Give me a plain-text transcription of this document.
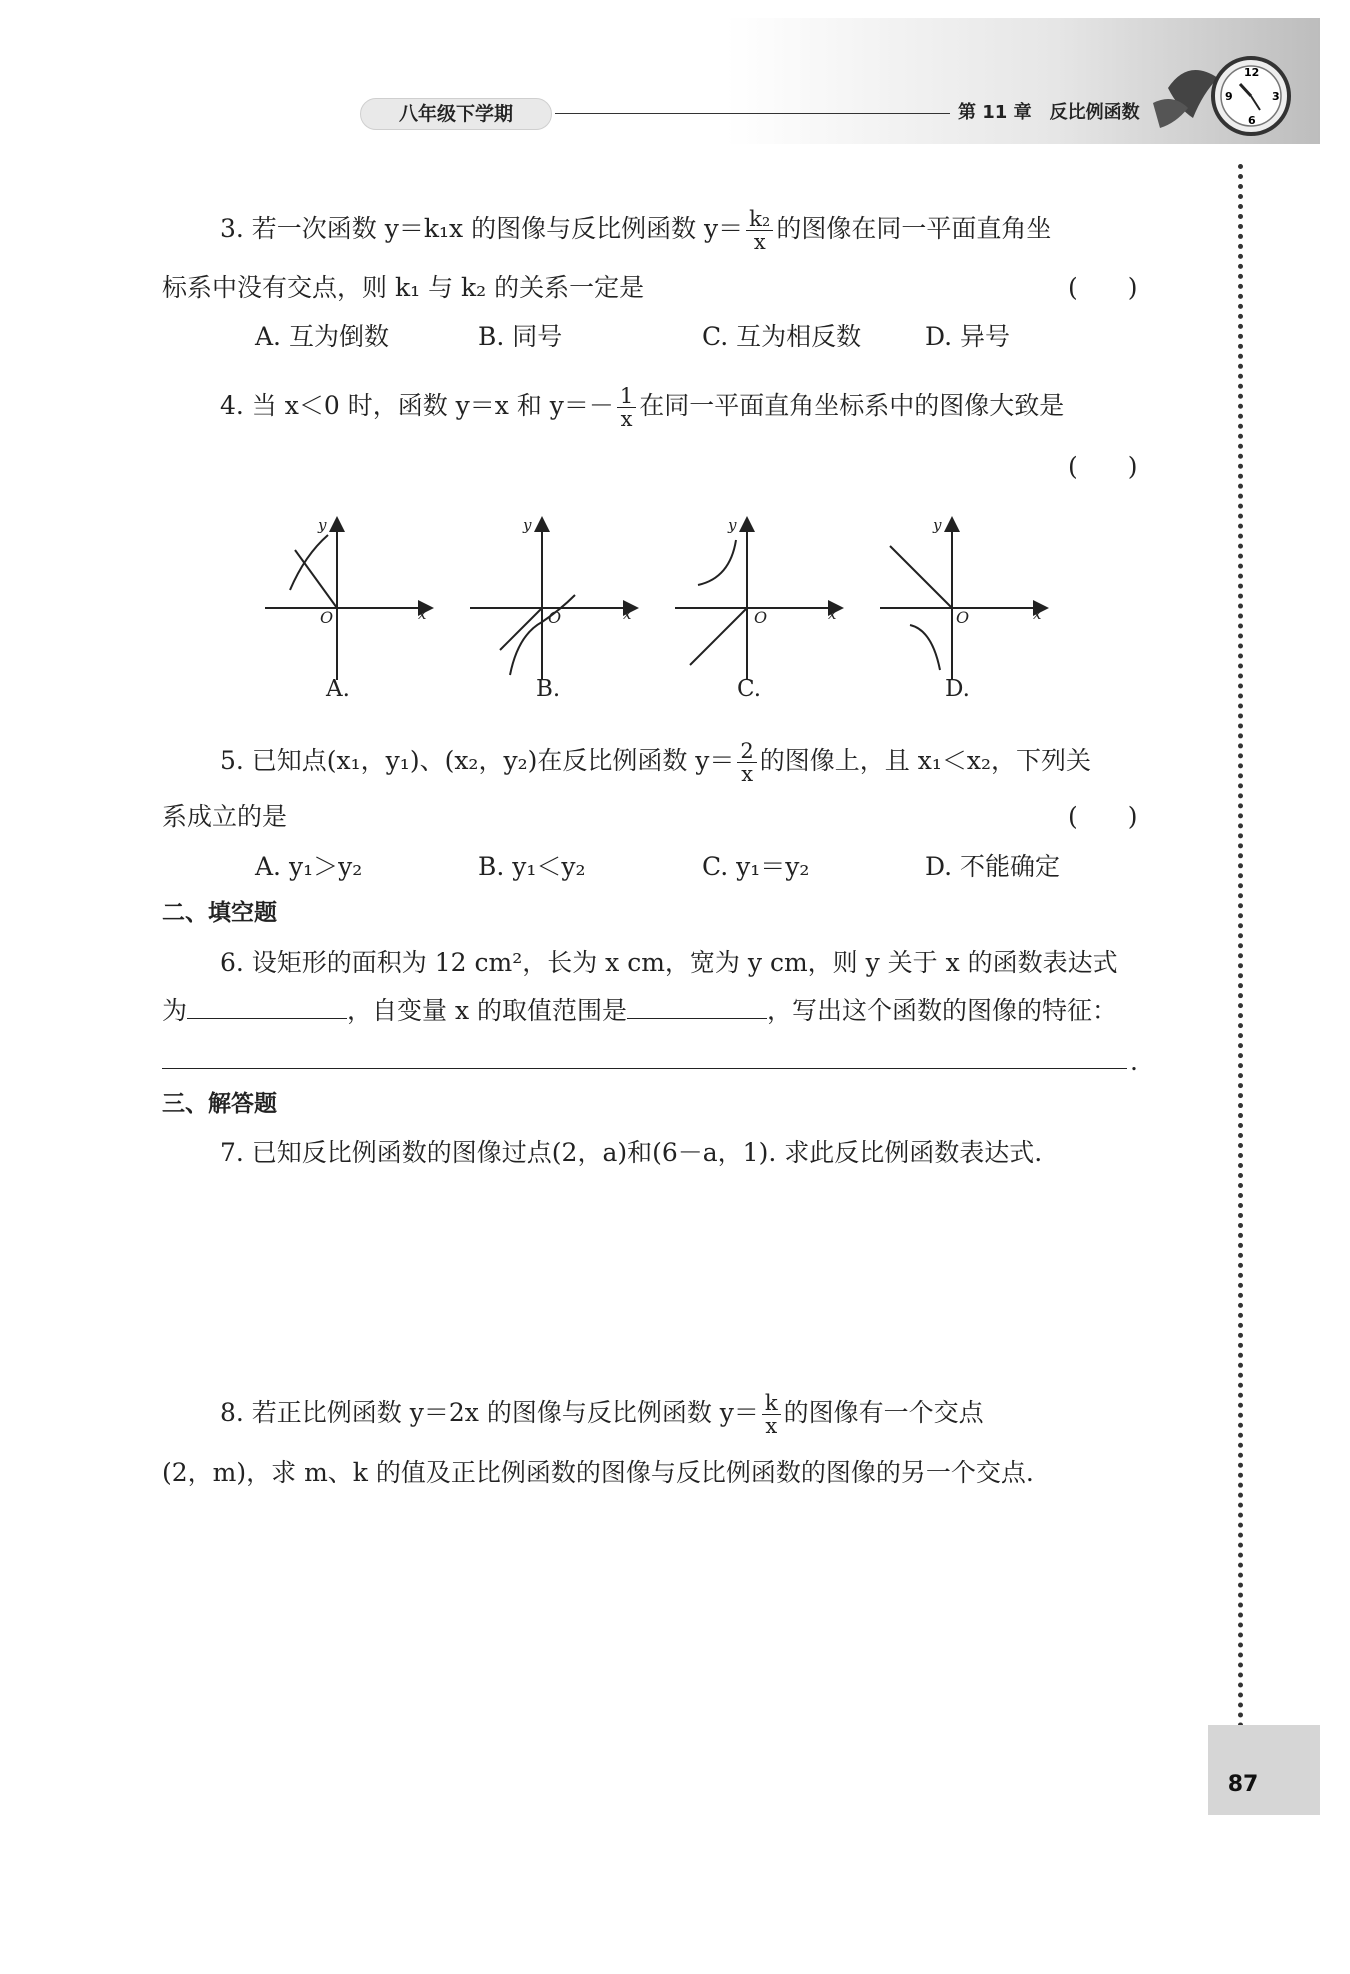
八年级下学期	第 11 章　反比例函数
12
3
6
9
3. 若一次函数 y＝k₁x 的图像与反比例函数 $y= \frac{\text{k₂}}{x}$ 的图像在同一平面直角坐
标系中没有交点，则 k₁ 与 k₂ 的关系一定是	(　　)
A. 互为倒数	B. 同号	C. 互为相反数	D. 异号
4. 当 x＜0 时，函数 y＝x 和 $y=- \frac{1}{x}$ 在同一平面直角坐标系中的图像大致是
(　　)
y	y	y	y
x	x	x	x
O	O	O	O
A.	B.	C.	D.
5. 已知点(x₁，y₁)、(x₂，y₂)在反比例函数 $y= \frac{2}{x}$ 的图像上，且 x₁＜x₂，下列关
系成立的是	(　　)
A. y₁＞y₂	B. y₁＜y₂	C. y₁＝y₂	D. 不能确定
二、填空题
6. 设矩形的面积为 12 cm²，长为 x cm，宽为 y cm，则 y 关于 x 的函数表达式
为	，自变量 x 的取值范围是	，写出这个函数的图像的特征：
.
三、解答题
7. 已知反比例函数的图像过点(2，a)和(6－a，1). 求此反比例函数表达式.
8. 若正比例函数 y＝2x 的图像与反比例函数 $y= \frac{k}{x}$ 的图像有一个交点
(2，m)，求 m、k 的值及正比例函数的图像与反比例函数的图像的另一个交点.
87
